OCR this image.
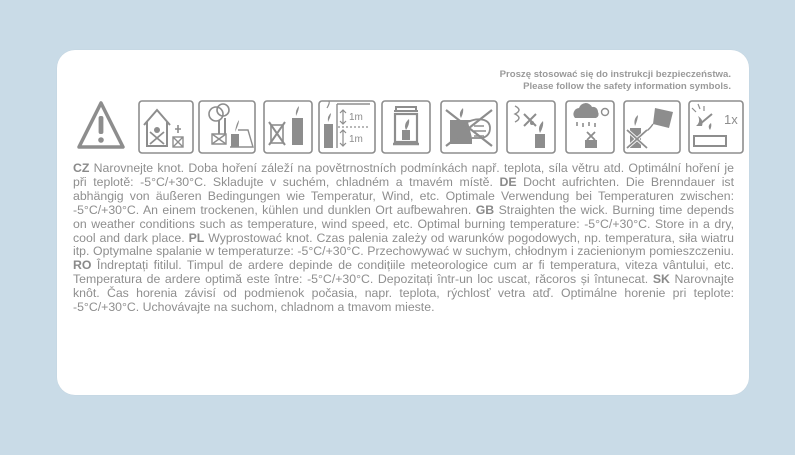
Proszę stosować się do instrukcji bezpieczeństwa.
Please follow the safety information symbols.
1m
1m
1x
CZ Narovnejte knot. Doba hoření záleží na povětrnostních podmínkách např. teplota, síla větru atd. Optimální hoření je při teplotě: -5°C/+30°C. Skladujte v suchém, chladném a tmavém místě. DE Docht aufrichten. Die Brenndauer ist abhängig von äußeren Bedingungen wie Temperatur, Wind, etc. Optimale Verwendung bei Temperaturen zwischen: -5°C/+30°C. An einem trockenen, kühlen und dunklen Ort aufbewahren. GB Straighten the wick. Burning time depends on weather conditions such as temperature, wind speed, etc. Optimal burning temperature: -5°C/+30°C. Store in a dry, cool and dark place. PL Wyprostować knot. Czas palenia zależy od warunków pogodowych, np. temperatura, siła wiatru itp. Optymalne spalanie w temperaturze: -5°C/+30°C. Przechowywać w suchym, chłodnym i zacienionym pomieszczeniu. RO Îndreptați fitilul. Timpul de ardere depinde de condițiile meteorologice cum ar fi temperatura, viteza vântului, etc. Temperatura de ardere optimă este între: -5°C/+30°C. Depozitați într-un loc uscat, răcoros și întunecat. SK Narovnajte knôt. Čas horenia závisí od podmienok počasia, napr. teplota, rýchlosť vetra atď. Optimálne horenie pri teplote: -5°C/+30°C. Uchovávajte na suchom, chladnom a tmavom mieste.
